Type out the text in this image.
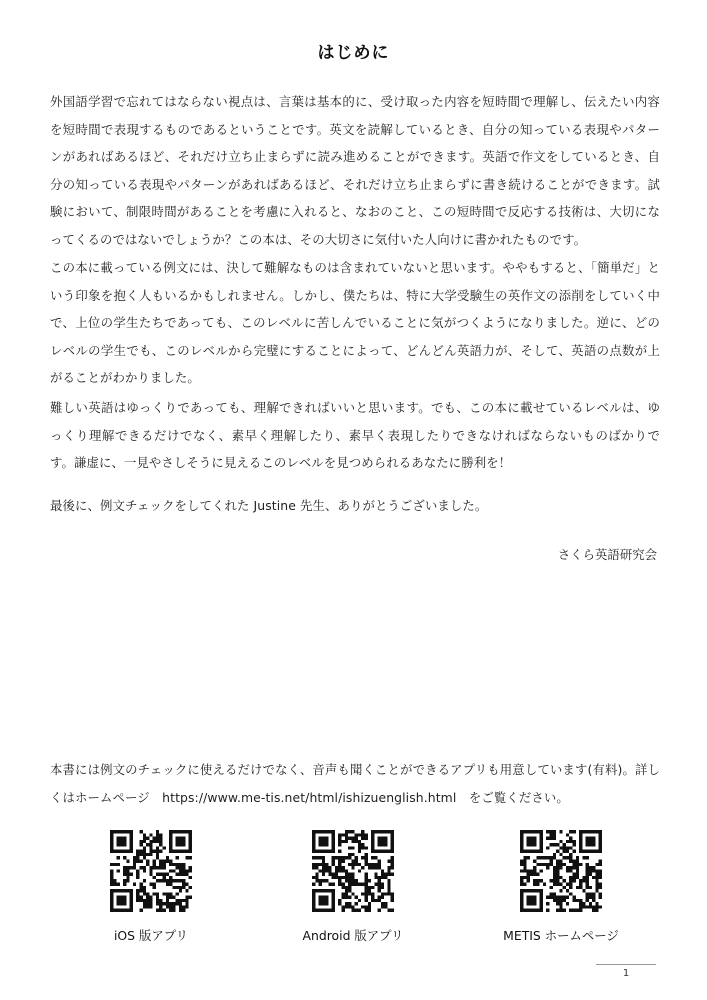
はじめに

外国語学習で忘れてはならない視点は、言葉は基本的に、受け取った内容を短時間で理解し、伝えたい内容を短時間で表現するものであるということです。英文を読解しているとき、自分の知っている表現やパターンがあればあるほど、それだけ立ち止まらずに読み進めることができます。英語で作文をしているとき、自分の知っている表現やパターンがあればあるほど、それだけ立ち止まらずに書き続けることができます。試験において、制限時間があることを考慮に入れると、なおのこと、この短時間で反応する技術は、大切になってくるのではないでしょうか？この本は、その大切さに気付いた人向けに書かれたものです。

この本に載っている例文には、決して難解なものは含まれていないと思います。ややもすると、「簡単だ」という印象を抱く人もいるかもしれません。しかし、僕たちは、特に大学受験生の英作文の添削をしていく中で、上位の学生たちであっても、このレベルに苦しんでいることに気がつくようになりました。逆に、どのレベルの学生でも、このレベルから完璧にすることによって、どんどん英語力が、そして、英語の点数が上がることがわかりました。

難しい英語はゆっくりであっても、理解できればいいと思います。でも、この本に載せているレベルは、ゆっくり理解できるだけでなく、素早く理解したり、素早く表現したりできなければならないものばかりです。謙虚に、一見やさしそうに見えるこのレベルを見つめられるあなたに勝利を！

最後に、例文チェックをしてくれた Justine 先生、ありがとうございました。

さくら英語研究会

本書には例文のチェックに使えるだけでなく、音声も聞くことができるアプリも用意しています(有料)。詳しくはホームページ　https://www.me-tis.net/html/ishizuenglish.html　をご覧ください。

iOS 版アプリ	Android 版アプリ	METIS ホームページ
1
